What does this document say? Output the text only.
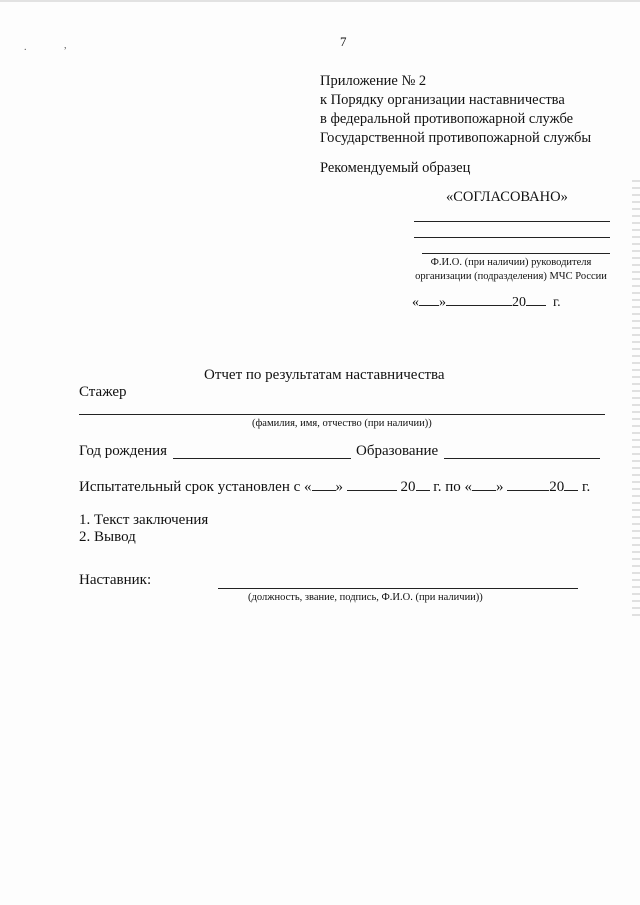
.	,	7
Приложение № 2
к Порядку организации наставничества
в федеральной противопожарной службе
Государственной противопожарной службы
Рекомендуемый образец
«СОГЛАСОВАНО»
Ф.И.О. (при наличии) руководителя
организации (подразделения) МЧС России
« »	20 г.
Отчет по результатам наставничества
Стажер
(фамилия, имя, отчество (при наличии))
Год рождения	Образование
Испытательный срок установлен с « »	20 г. по « »	20 г.
1. Текст заключения
2. Вывод
Наставник:
(должность, звание, подпись, Ф.И.О. (при наличии))
